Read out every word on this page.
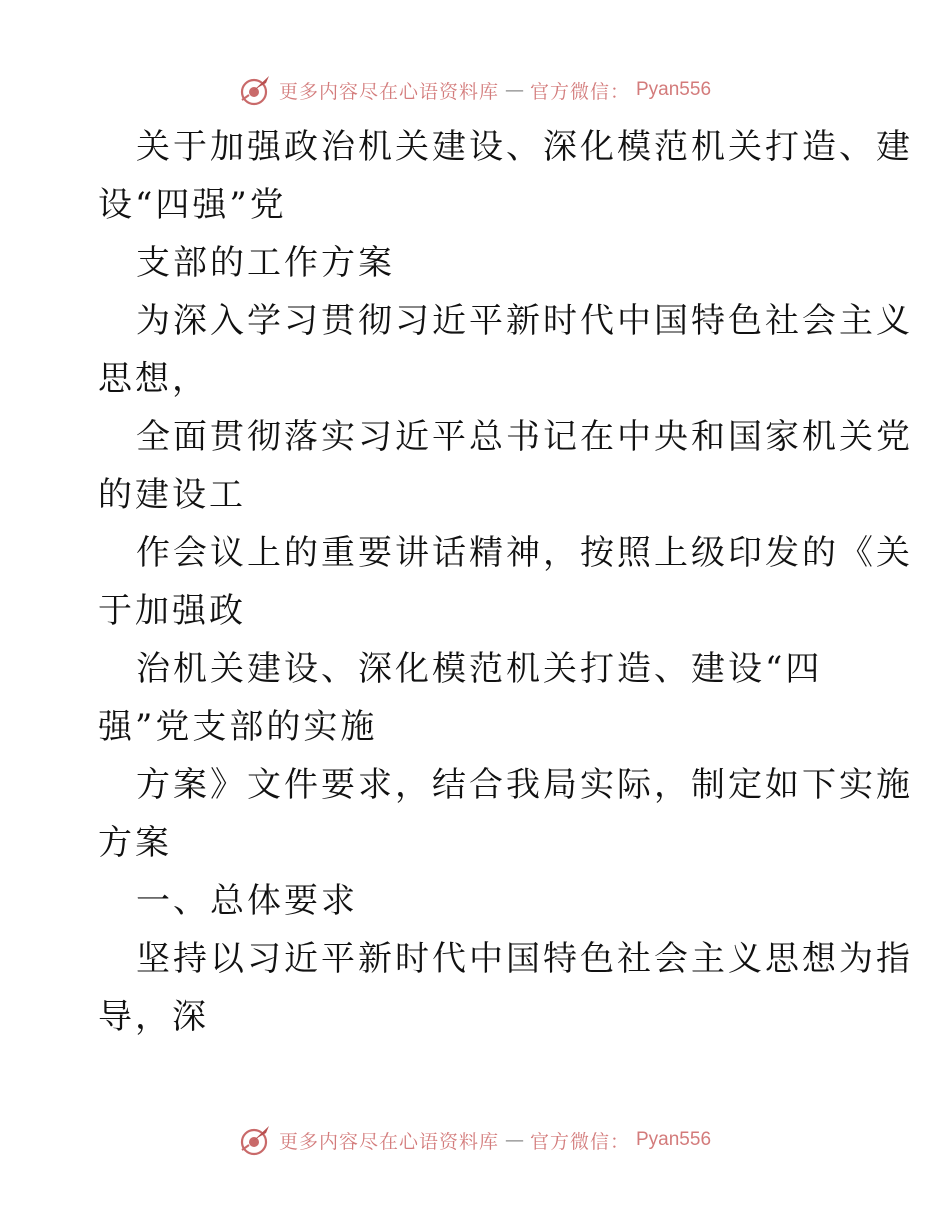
更多内容尽在心语资料库 — 官方微信： Pyan556
关于加强政治机关建设、深化模范机关打造、建
设“四强”党
支部的工作方案
为深入学习贯彻习近平新时代中国特色社会主义
思想，
全面贯彻落实习近平总书记在中央和国家机关党
的建设工
作会议上的重要讲话精神，按照上级印发的《关
于加强政
治机关建设、深化模范机关打造、建设“四
强”党支部的实施
方案》文件要求，结合我局实际，制定如下实施
方案
一、总体要求
坚持以习近平新时代中国特色社会主义思想为指
导，深
更多内容尽在心语资料库 — 官方微信： Pyan556
